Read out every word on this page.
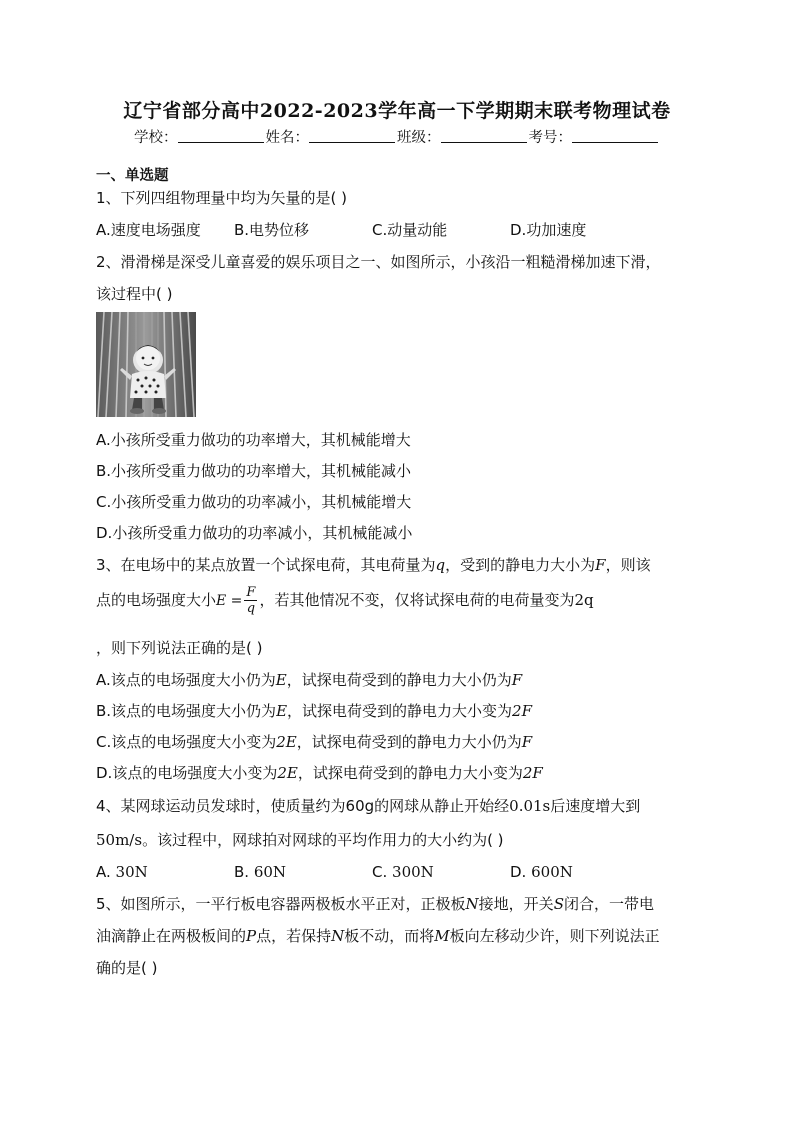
辽宁省部分高中2022-2023学年高一下学期期末联考物理试卷
学校：	姓名：	班级：	考号：
一、单选题
1、下列四组物理量中均为矢量的是( )
A.速度电场强度 B.电势位移	C.动量动能	D.功加速度
2、滑滑梯是深受儿童喜爱的娱乐项目之一、如图所示，小孩沿一粗糙滑梯加速下滑，
该过程中( )
A.小孩所受重力做功的功率增大，其机械能增大
B.小孩所受重力做功的功率增大，其机械能减小
C.小孩所受重力做功的功率减小，其机械能增大
D.小孩所受重力做功的功率减小，其机械能减小
3、在电场中的某点放置一个试探电荷，其电荷量为q，受到的静电力大小为F，则该
点的电场强度大小$E = \frac{F}{q}$ ，若其他情况不变，仅将试探电荷的电荷量变为2q
，则下列说法正确的是( )
A.该点的电场强度大小仍为E，试探电荷受到的静电力大小仍为F
B.该点的电场强度大小仍为E，试探电荷受到的静电力大小变为2F
C.该点的电场强度大小变为2E，试探电荷受到的静电力大小仍为F
D.该点的电场强度大小变为2E，试探电荷受到的静电力大小变为2F
4、某网球运动员发球时，使质量约为60g的网球从静止开始经0.01s后速度增大到
50m/s。该过程中，网球拍对网球的平均作用力的大小约为( )
A. 30N	B. 60N	C. 300N	D. 600N
5、如图所示，一平行板电容器两极板水平正对，正极板N接地，开关S闭合，一带电
油滴静止在两极板间的P点，若保持N板不动，而将M板向左移动少许，则下列说法正
确的是( )
